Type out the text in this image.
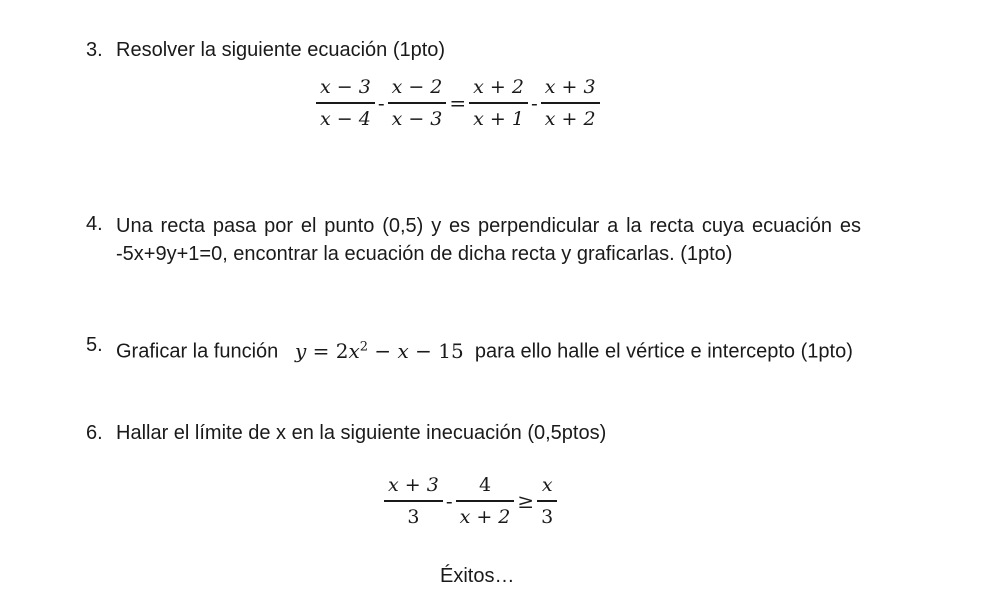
3. Resolver la siguiente ecuación (1pto)
$\frac{x - 3}{x - 4} - \frac{x - 2}{x - 3} = \frac{x + 2}{x + 1} - \frac{x + 3}{x + 2}$
4. Una recta pasa por el punto (0,5) y es perpendicular a la recta cuya ecuación es -5x+9y+1=0, encontrar la ecuación de dicha recta y graficarlas. (1pto)
5. Graficar la función $y = 2x^2 - x - 15$ para ello halle el vértice e intercepto (1pto)
6. Hallar el límite de x en la siguiente inecuación (0,5ptos)
$\frac{x + 3}{3} - \frac{4}{x + 2} \ge \frac{x}{3}$
Éxitos…
